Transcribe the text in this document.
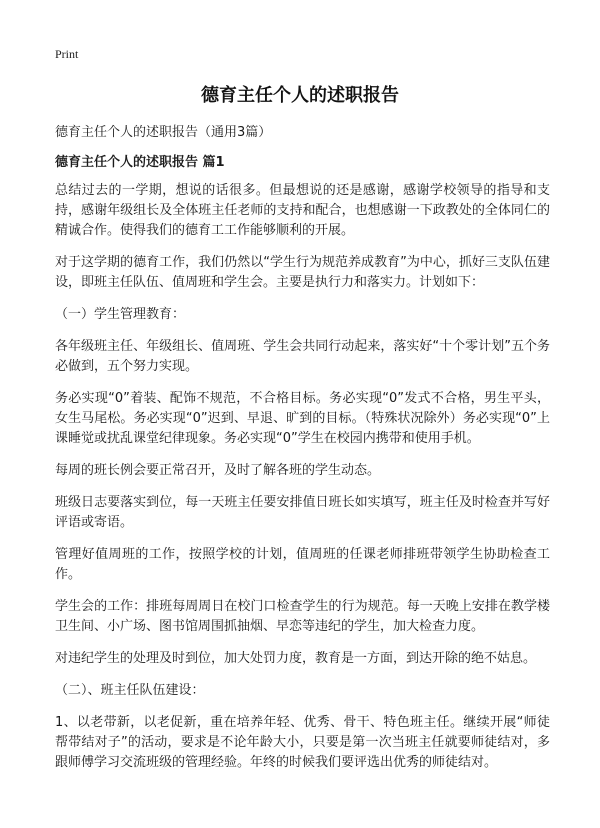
Print
德育主任个人的述职报告

德育主任个人的述职报告（通用3篇）

德育主任个人的述职报告 篇1

总结过去的一学期，想说的话很多。但最想说的还是感谢，感谢学校领导的指导和支持，感谢年级组长及全体班主任老师的支持和配合，也想感谢一下政教处的全体同仁的精诚合作。使得我们的德育工工作能够顺利的开展。

对于这学期的德育工作，我们仍然以“学生行为规范养成教育”为中心，抓好三支队伍建设，即班主任队伍、值周班和学生会。主要是执行力和落实力。计划如下：

（一）学生管理教育：

各年级班主任、年级组长、值周班、学生会共同行动起来，落实好“十个零计划”五个务必做到，五个努力实现。

务必实现“0”着装、配饰不规范，不合格目标。务必实现“0”发式不合格，男生平头，女生马尾松。务必实现“0”迟到、早退、旷到的目标。（特殊状况除外）务必实现“0”上课睡觉或扰乱课堂纪律现象。务必实现“0”学生在校园内携带和使用手机。

每周的班长例会要正常召开，及时了解各班的学生动态。

班级日志要落实到位，每一天班主任要安排值日班长如实填写，班主任及时检查并写好评语或寄语。

管理好值周班的工作，按照学校的计划，值周班的任课老师排班带领学生协助检查工作。

学生会的工作：排班每周周日在校门口检查学生的行为规范。每一天晚上安排在教学楼卫生间、小广场、图书馆周围抓抽烟、早恋等违纪的学生，加大检查力度。

对违纪学生的处理及时到位，加大处罚力度，教育是一方面，到达开除的绝不姑息。

（二）、班主任队伍建设：

1、以老带新，以老促新，重在培养年轻、优秀、骨干、特色班主任。继续开展“师徒帮带结对子”的活动，要求是不论年龄大小，只要是第一次当班主任就要师徒结对，多跟师傅学习交流班级的管理经验。年终的时候我们要评选出优秀的师徒结对。
